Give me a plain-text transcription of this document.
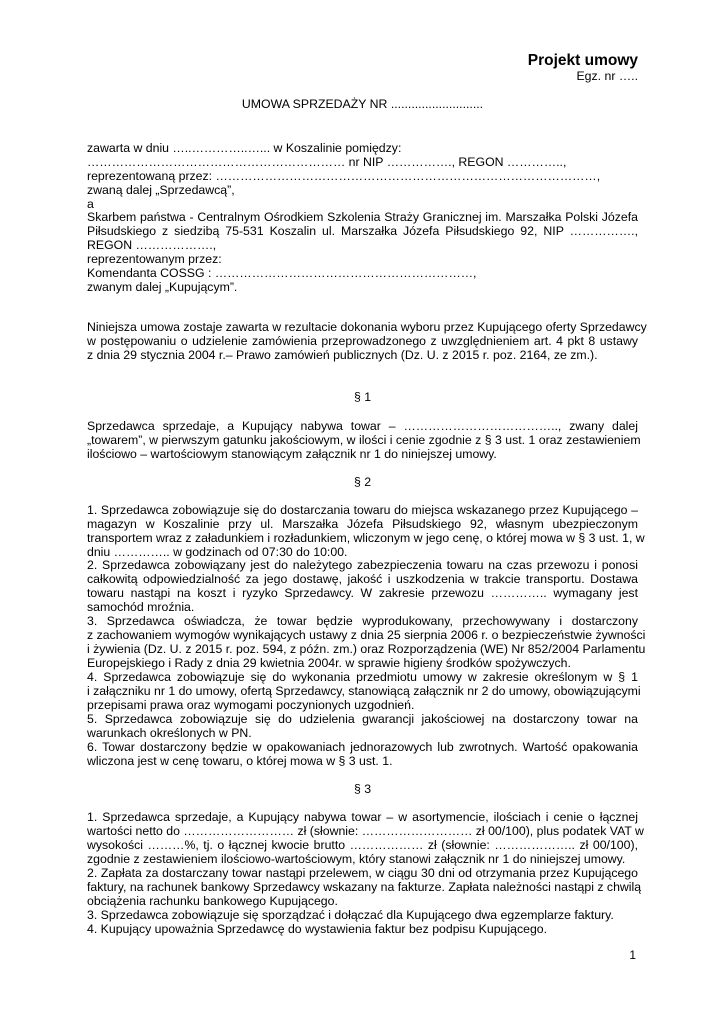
Projekt umowy
Egz. nr …..
UMOWA SPRZEDAŻY NR ...........................
zawarta w dniu …..…………..…... w Koszalinie pomiędzy:
……………………………………………………… nr NIP ……………., REGON …………..,
reprezentowaną przez: …………………………………………………………………………………,
zwaną dalej „Sprzedawcą”,
a
Skarbem państwa - Centralnym Ośrodkiem Szkolenia Straży Granicznej im. Marszałka Polski Józefa
Piłsudskiego z siedzibą 75-531 Koszalin ul. Marszałka Józefa Piłsudskiego 92, NIP …………….,
REGON ……………….,
reprezentowanym przez:
Komendanta COSSG : ………………………………………………………,
zwanym dalej „Kupującym”.
Niniejsza umowa zostaje zawarta w rezultacie dokonania wyboru przez Kupującego oferty Sprzedawcy
w postępowaniu o udzielenie zamówienia przeprowadzonego z uwzględnieniem art. 4 pkt 8 ustawy
z dnia 29 stycznia 2004 r.– Prawo zamówień publicznych (Dz. U. z 2015 r. poz. 2164, ze zm.).
§ 1
Sprzedawca sprzedaje, a Kupujący nabywa towar – ……………………………….., zwany dalej
„towarem”, w pierwszym gatunku jakościowym, w ilości i cenie zgodnie z § 3 ust. 1 oraz zestawieniem
ilościowo – wartościowym stanowiącym załącznik nr 1 do niniejszej umowy.
§ 2
1. Sprzedawca zobowiązuje się do dostarczania towaru do miejsca wskazanego przez Kupującego –
magazyn w Koszalinie przy ul. Marszałka Józefa Piłsudskiego 92, własnym ubezpieczonym
transportem wraz z załadunkiem i rozładunkiem, wliczonym w jego cenę, o której mowa w § 3 ust. 1, w
dniu ………….. w godzinach od 07:30 do 10:00.
2. Sprzedawca zobowiązany jest do należytego zabezpieczenia towaru na czas przewozu i ponosi
całkowitą odpowiedzialność za jego dostawę, jakość i uszkodzenia w trakcie transportu. Dostawa
towaru nastąpi na koszt i ryzyko Sprzedawcy. W zakresie przewozu ………….. wymagany jest
samochód mroźnia.
3. Sprzedawca oświadcza, że towar będzie wyprodukowany, przechowywany i dostarczony
z zachowaniem wymogów wynikających ustawy z dnia 25 sierpnia 2006 r. o bezpieczeństwie żywności
i żywienia (Dz. U. z 2015 r. poz. 594, z późn. zm.) oraz Rozporządzenia (WE) Nr 852/2004 Parlamentu
Europejskiego i Rady z dnia 29 kwietnia 2004r. w sprawie higieny środków spożywczych.
4. Sprzedawca zobowiązuje się do wykonania przedmiotu umowy w zakresie określonym w § 1
i załączniku nr 1 do umowy, ofertą Sprzedawcy, stanowiącą załącznik nr 2 do umowy, obowiązującymi
przepisami prawa oraz wymogami poczynionych uzgodnień.
5. Sprzedawca zobowiązuje się do udzielenia gwarancji jakościowej na dostarczony towar na
warunkach określonych w PN.
6. Towar dostarczony będzie w opakowaniach jednorazowych lub zwrotnych. Wartość opakowania
wliczona jest w cenę towaru, o której mowa w § 3 ust. 1.
§ 3
1. Sprzedawca sprzedaje, a Kupujący nabywa towar – w asortymencie, ilościach i cenie o łącznej
wartości netto do ……………………… zł (słownie: ……………………… zł 00/100), plus podatek VAT w
wysokości ………%, tj. o łącznej kwocie brutto ……………… zł (słownie: ……………….. zł 00/100),
zgodnie z zestawieniem ilościowo-wartościowym, który stanowi załącznik nr 1 do niniejszej umowy.
2. Zapłata za dostarczany towar nastąpi przelewem, w ciągu 30 dni od otrzymania przez Kupującego
faktury, na rachunek bankowy Sprzedawcy wskazany na fakturze. Zapłata należności nastąpi z chwilą
obciążenia rachunku bankowego Kupującego.
3. Sprzedawca zobowiązuje się sporządzać i dołączać dla Kupującego dwa egzemplarze faktury.
4. Kupujący upoważnia Sprzedawcę do wystawienia faktur bez podpisu Kupującego.
1
